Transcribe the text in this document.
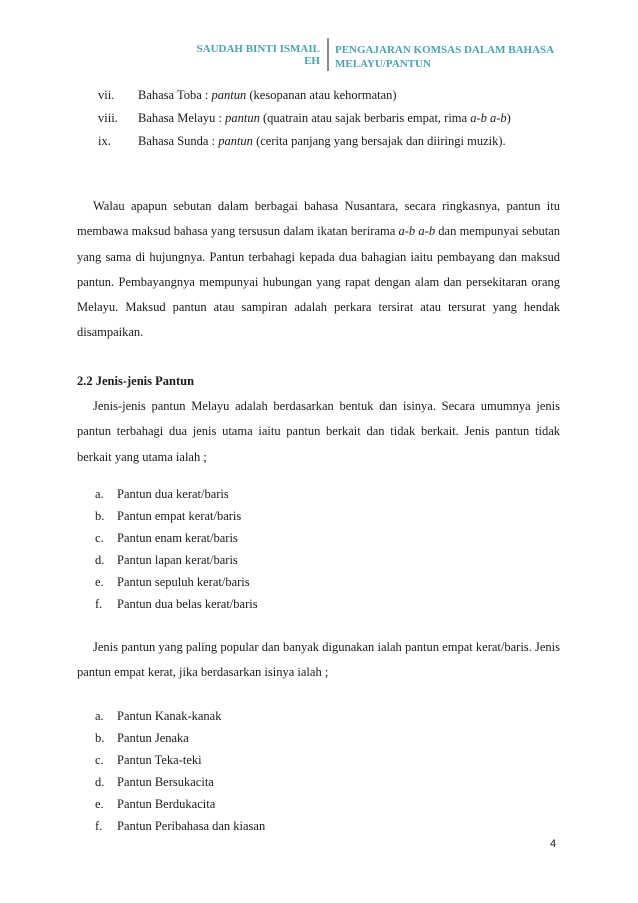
SAUDAH BINTI ISMAIL EH
PENGAJARAN KOMSAS DALAM BAHASA
MELAYU/PANTUN
vii.	Bahasa Toba : pantun (kesopanan atau kehormatan)
viii.	Bahasa Melayu : pantun (quatrain atau sajak berbaris empat, rima a-b a-b)
ix.	Bahasa Sunda : pantun (cerita panjang yang bersajak dan diiringi muzik).

Walau apapun sebutan dalam berbagai bahasa Nusantara, secara ringkasnya, pantun itu membawa maksud bahasa yang tersusun dalam ikatan berirama a-b a-b dan mempunyai sebutan yang sama di hujungnya. Pantun terbahagi kepada dua bahagian iaitu pembayang dan maksud pantun. Pembayangnya mempunyai hubungan yang rapat dengan alam dan persekitaran orang Melayu. Maksud pantun atau sampiran adalah perkara tersirat atau tersurat yang hendak disampaikan.

2.2 Jenis-jenis Pantun

Jenis-jenis pantun Melayu adalah berdasarkan bentuk dan isinya. Secara umumnya jenis pantun terbahagi dua jenis utama iaitu pantun berkait dan tidak berkait. Jenis pantun tidak berkait yang utama ialah ;

a.	Pantun dua kerat/baris
b.	Pantun empat kerat/baris
c.	Pantun enam kerat/baris
d.	Pantun lapan kerat/baris
e.	Pantun sepuluh kerat/baris
f.	Pantun dua belas kerat/baris

Jenis pantun yang paling popular dan banyak digunakan ialah pantun empat kerat/baris. Jenis pantun empat kerat, jika berdasarkan isinya ialah ;

a.	Pantun Kanak-kanak
b.	Pantun Jenaka
c.	Pantun Teka-teki
d.	Pantun Bersukacita
e.	Pantun Berdukacita
f.	Pantun Peribahasa dan kiasan
4
